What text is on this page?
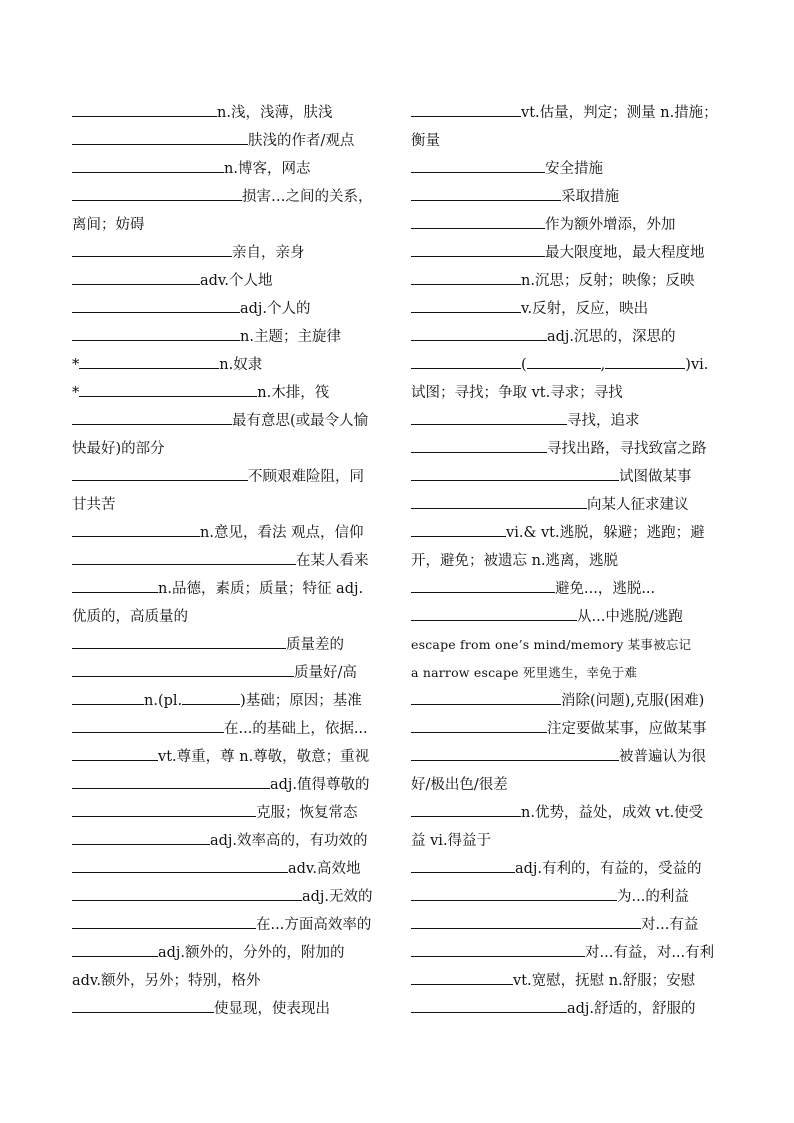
n.浅，浅薄，肤浅
肤浅的作者/观点
n.博客，网志
损害…之间的关系，
离间；妨碍
亲自，亲身
adv.个人地
adj.个人的
n.主题；主旋律
*	n.奴隶
*	n.木排，筏
最有意思(或最令人愉
快最好)的部分
不顾艰难险阻，同
甘共苦
n.意见，看法 观点，信仰
在某人看来
n.品德，素质；质量；特征 adj.
优质的，高质量的
质量差的
质量好/高
n.(pl.	)基础；原因；基准
在...的基础上，依据...
vt.尊重，尊 n.尊敬，敬意；重视
adj.值得尊敬的
克服；恢复常态
adj.效率高的，有功效的
adv.高效地
adj.无效的
在...方面高效率的
adj.额外的，分外的，附加的
adv.额外，另外；特别，格外
使显现，使表现出
vt.估量，判定；测量 n.措施；
衡量
安全措施
采取措施
作为额外增添，外加
最大限度地，最大程度地
n.沉思；反射；映像；反映
v.反射，反应，映出
adj.沉思的，深思的
(	,	)vi.
试图；寻找；争取 vt.寻求；寻找
寻找，追求
寻找出路，寻找致富之路
试图做某事
向某人征求建议
vi.& vt.逃脱，躲避；逃跑；避
开，避免；被遗忘 n.逃离，逃脱
避免...，逃脱...
从...中逃脱/逃跑
escape from one’s mind/memory 某事被忘记
a narrow escape 死里逃生，幸免于难
消除(问题),克服(困难)
注定要做某事，应做某事
被普遍认为很
好/极出色/很差
n.优势，益处，成效 vt.使受
益 vi.得益于
adj.有利的，有益的，受益的
为...的利益
对...有益
对...有益，对...有利
vt.宽慰，抚慰 n.舒服；安慰
adj.舒适的，舒服的
